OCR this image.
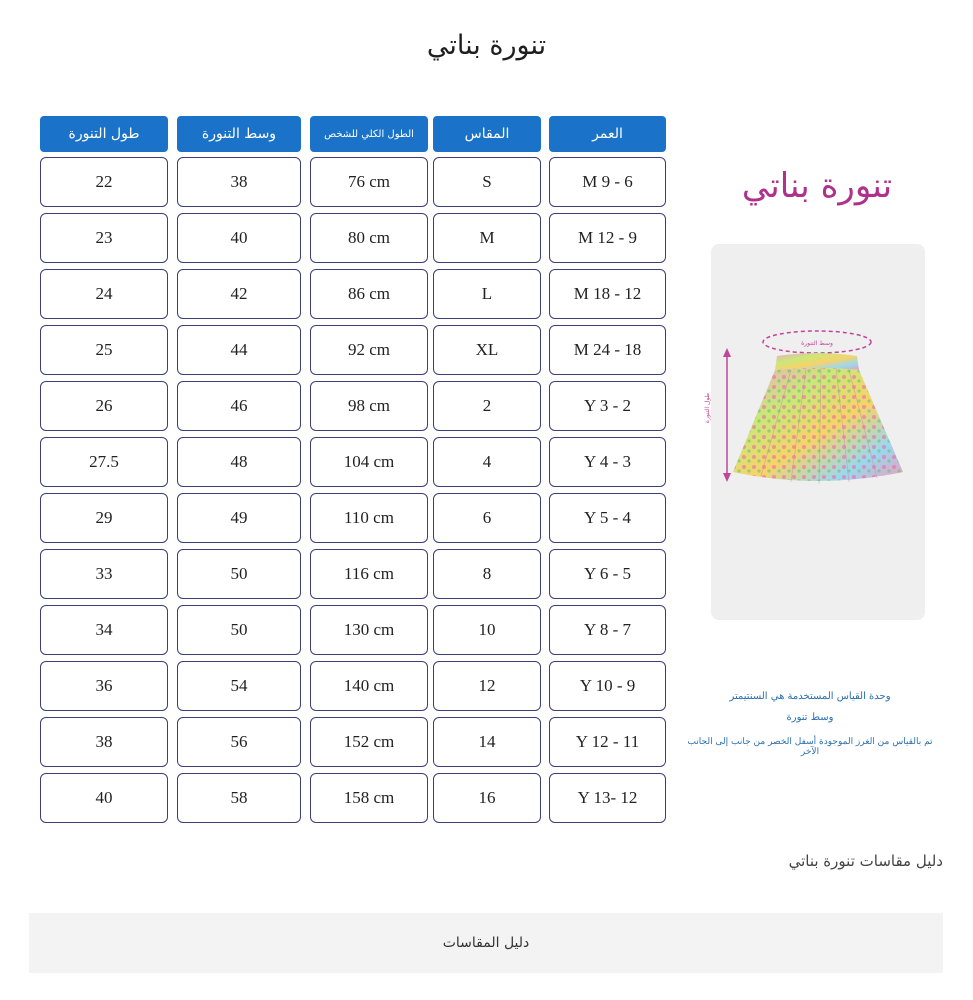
تنورة بناتي
طول التنورة	وسط التنورة	الطول الكلي للشخص	المقاس	العمر
22	38	76 cm	S	M 9 - 6
23	40	80 cm	M	M 12 - 9
24	42	86 cm	L	M 18 - 12
25	44	92 cm	XL	M 24 - 18
26	46	98 cm	2	Y 3 - 2
27.5	48	104 cm	4	Y 4 - 3
29	49	110 cm	6	Y 5 - 4
33	50	116 cm	8	Y 6 - 5
34	50	130 cm	10	Y 8 - 7
36	54	140 cm	12	Y 10 - 9
38	56	152 cm	14	Y 12 - 11
40	58	158 cm	16	Y 13- 12
تنورة بناتي
وسط التنورة
طول التنورة
وحدة القياس المستخدمة هي السنتيمتر
وسط تنورة
تم بالقياس من الغرز الموجودة أسفل الخصر من جانب إلى الجانب الآخر
دليل مقاسات تنورة بناتي
دليل المقاسات
